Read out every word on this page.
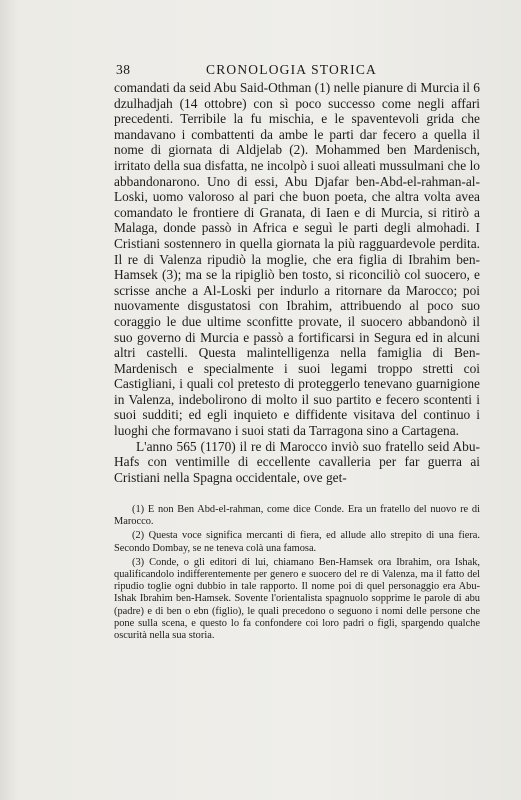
38	CRONOLOGIA STORICA

comandati da seid Abu Said-Othman (1) nelle pianure di Murcia il 6 dzulhadjah (14 ottobre) con sì poco successo come negli affari precedenti. Terribile la fu mischia, e le spaventevoli grida che mandavano i combattenti da ambe le parti dar fecero a quella il nome di giornata di Aldjelab (2). Mohammed ben Mardenisch, irritato della sua disfatta, ne incolpò i suoi alleati mussulmani che lo abbandonarono. Uno di essi, Abu Djafar ben-Abd-el-rahman-al-Loski, uomo valoroso al pari che buon poeta, che altra volta avea comandato le frontiere di Granata, di Iaen e di Murcia, si ritirò a Malaga, donde passò in Africa e seguì le parti degli almohadi. I Cristiani sostennero in quella giornata la più ragguardevole perdita. Il re di Valenza ripudiò la moglie, che era figlia di Ibrahim ben-Hamsek (3); ma se la ripigliò ben tosto, si riconciliò col suocero, e scrisse anche a Al-Loski per indurlo a ritornare da Marocco; poi nuovamente disgustatosi con Ibrahim, attribuendo al poco suo coraggio le due ultime sconfitte provate, il suocero abbandonò il suo governo di Murcia e passò a fortificarsi in Segura ed in alcuni altri castelli. Questa malintelligenza nella famiglia di Ben-Mardenisch e specialmente i suoi legami troppo stretti coi Castigliani, i quali col pretesto di proteggerlo tenevano guarnigione in Valenza, indebolirono di molto il suo partito e fecero scontenti i suoi sudditi; ed egli inquieto e diffidente visitava del continuo i luoghi che formavano i suoi stati da Tarragona sino a Cartagena.

L'anno 565 (1170) il re di Marocco inviò suo fratello seid Abu-Hafs con ventimille di eccellente cavalleria per far guerra ai Cristiani nella Spagna occidentale, ove get-

(1) E non Ben Abd-el-rahman, come dice Conde. Era un fratello del nuovo re di Marocco.

(2) Questa voce significa mercanti di fiera, ed allude allo strepito di una fiera. Secondo Dombay, se ne teneva colà una famosa.

(3) Conde, o gli editori di lui, chiamano Ben-Hamsek ora Ibrahim, ora Ishak, qualificandolo indifferentemente per genero e suocero del re di Valenza, ma il fatto del ripudio toglie ogni dubbio in tale rapporto. Il nome poi di quel personaggio era Abu-Ishak Ibrahim ben-Hamsek. Sovente l'orientalista spagnuolo sopprime le parole di abu (padre) e di ben o ebn (figlio), le quali precedono o seguono i nomi delle persone che pone sulla scena, e questo lo fa confondere coi loro padri o figli, spargendo qualche oscurità nella sua storia.
